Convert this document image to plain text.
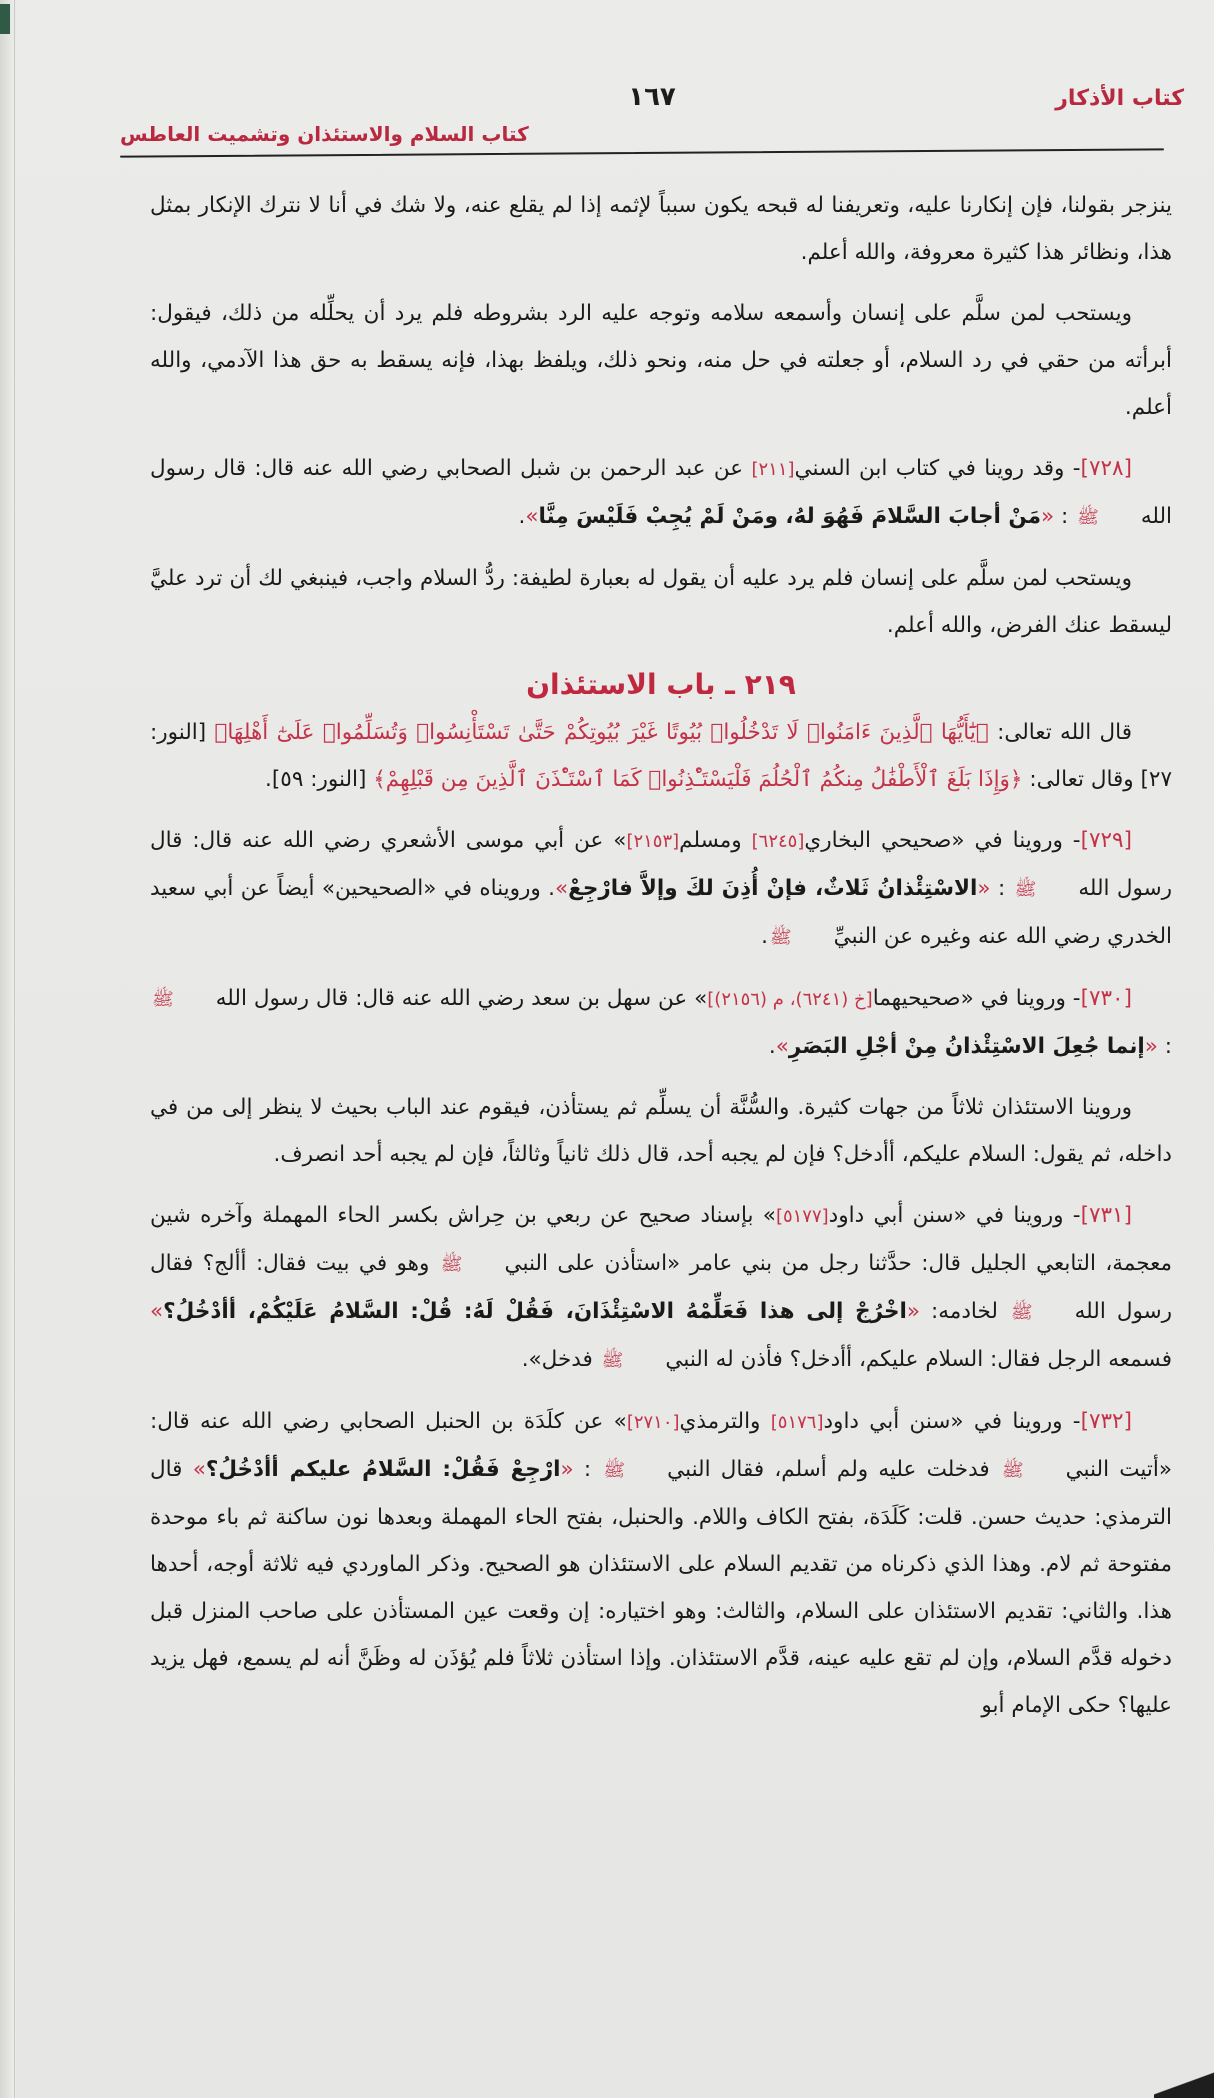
كتاب الأذكار
١٦٧
كتاب السلام والاستئذان وتشميت العاطس

ينزجر بقولنا، فإن إنكارنا عليه، وتعريفنا له قبحه يكون سبباً لإثمه إذا لم يقلع عنه، ولا شك في أنا لا نترك الإنكار بمثل هذا، ونظائر هذا كثيرة معروفة، والله أعلم.

ويستحب لمن سلَّم على إنسان وأسمعه سلامه وتوجه عليه الرد بشروطه فلم يرد أن يحلِّله من ذلك، فيقول: أبرأته من حقي في رد السلام، أو جعلته في حل منه، ونحو ذلك، ويلفظ بهذا، فإنه يسقط به حق هذا الآدمي، والله أعلم.

[٧٢٨]- وقد روينا في كتاب ابن السني[٢١١] عن عبد الرحمن بن شبل الصحابي رضي الله عنه قال: قال رسول اللهﷺ : «مَنْ أجابَ السَّلامَ فَهُوَ لهُ، ومَنْ لَمْ يُجِبْ فَلَيْسَ مِنَّا».

ويستحب لمن سلَّم على إنسان فلم يرد عليه أن يقول له بعبارة لطيفة: ردُّ السلام واجب، فينبغي لك أن ترد عليَّ ليسقط عنك الفرض، والله أعلم.

٢١٩ ـ باب الاستئذان

قال الله تعالى: ﴿يَٰٓأَيُّهَا ٱلَّذِينَ ءَامَنُوا۟ لَا تَدْخُلُوا۟ بُيُوتًا غَيْرَ بُيُوتِكُمْ حَتَّىٰ تَسْتَأْنِسُوا۟ وَتُسَلِّمُوا۟ عَلَىٰٓ أَهْلِهَا﴾ [النور: ٢٧] وقال تعالى: ﴿وَإِذَا بَلَغَ ٱلْأَطْفَٰلُ مِنكُمُ ٱلْحُلُمَ فَلْيَسْتَـْٔذِنُوا۟ كَمَا ٱسْتَـْٔذَنَ ٱلَّذِينَ مِن قَبْلِهِمْ﴾ [النور: ٥٩].

[٧٢٩]- وروينا في «صحيحي البخاري[٦٢٤٥] ومسلم[٢١٥٣]» عن أبي موسى الأشعري رضي الله عنه قال: قال رسول اللهﷺ : «الاسْتِئْذانُ ثَلاثٌ، فإنْ أُذِنَ لكَ وإلاَّ فارْجِعْ». ورويناه في «الصحيحين» أيضاً عن أبي سعيد الخدري رضي الله عنه وغيره عن النبيِّﷺ.

[٧٣٠]- وروينا في «صحيحيهما[خ (٦٢٤١)، م (٢١٥٦)]» عن سهل بن سعد رضي الله عنه قال: قال رسول اللهﷺ : «إنما جُعِلَ الاسْتِئْذانُ مِنْ أجْلِ البَصَرِ».

وروينا الاستئذان ثلاثاً من جهات كثيرة. والسُّنَّة أن يسلِّم ثم يستأذن، فيقوم عند الباب بحيث لا ينظر إلى من في داخله، ثم يقول: السلام عليكم، أأدخل؟ فإن لم يجبه أحد، قال ذلك ثانياً وثالثاً، فإن لم يجبه أحد انصرف.

[٧٣١]- وروينا في «سنن أبي داود[٥١٧٧]» بإسناد صحيح عن ربعي بن حِراش بكسر الحاء المهملة وآخره شين معجمة، التابعي الجليل قال: حدَّثنا رجل من بني عامر «استأذن على النبيﷺ وهو في بيت فقال: أألج؟ فقال رسول اللهﷺ لخادمه: «اخْرُجْ إلى هذا فَعَلِّمْهُ الاسْتِئْذَانَ، فَقُلْ لَهُ: قُلْ: السَّلامُ عَلَيْكُمْ، أأدْخُلُ؟» فسمعه الرجل فقال: السلام عليكم، أأدخل؟ فأذن له النبيﷺ فدخل».

[٧٣٢]- وروينا في «سنن أبي داود[٥١٧٦] والترمذي[٢٧١٠]» عن كلَدَة بن الحنبل الصحابي رضي الله عنه قال: «أتيت النبيﷺ فدخلت عليه ولم أسلم، فقال النبيﷺ : «ارْجِعْ فَقُلْ: السَّلامُ عليكم أأدْخُلُ؟» قال الترمذي: حديث حسن. قلت: كَلَدَة، بفتح الكاف واللام. والحنبل، بفتح الحاء المهملة وبعدها نون ساكنة ثم باء موحدة مفتوحة ثم لام. وهذا الذي ذكرناه من تقديم السلام على الاستئذان هو الصحيح. وذكر الماوردي فيه ثلاثة أوجه، أحدها هذا. والثاني: تقديم الاستئذان على السلام، والثالث: وهو اختياره: إن وقعت عين المستأذن على صاحب المنزل قبل دخوله قدَّم السلام، وإن لم تقع عليه عينه، قدَّم الاستئذان. وإذا استأذن ثلاثاً فلم يُؤذَن له وظَنَّ أنه لم يسمع، فهل يزيد عليها؟ حكى الإمام أبو
